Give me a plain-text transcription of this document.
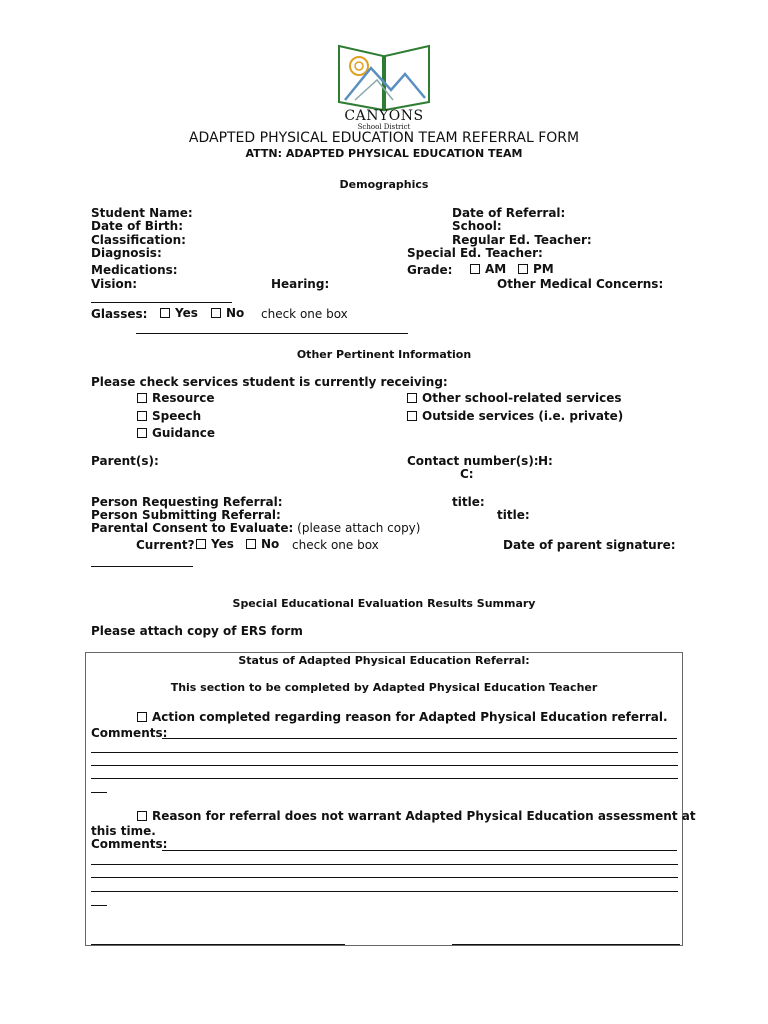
CANYONS
School District
ADAPTED PHYSICAL EDUCATION TEAM REFERRAL FORM
ATTN: ADAPTED PHYSICAL EDUCATION TEAM
Demographics
Student Name:	Date of Referral:
Date of Birth:	School:
Classification:	Regular Ed. Teacher:
Diagnosis:	Special Ed. Teacher:
Medications:	Grade:	AM	PM
Vision:	Hearing:	Other Medical Concerns:
Glasses:	Yes	No check one box
Other Pertinent Information
Please check services student is currently receiving:
Resource	Other school-related services
Speech	Outside services (i.e. private)
Guidance
Parent(s):	Contact number(s): H:
C:
Person Requesting Referral:	title:
Person Submitting Referral:	title:
Parental Consent to Evaluate: (please attach copy)
Current?	Yes	No check one box	Date of parent signature:
Special Educational Evaluation Results Summary
Please attach copy of ERS form
Status of Adapted Physical Education Referral:
This section to be completed by Adapted Physical Education Teacher
Action completed regarding reason for Adapted Physical Education referral.
Comments:
Reason for referral does not warrant Adapted Physical Education assessment at
this time.
Comments:
